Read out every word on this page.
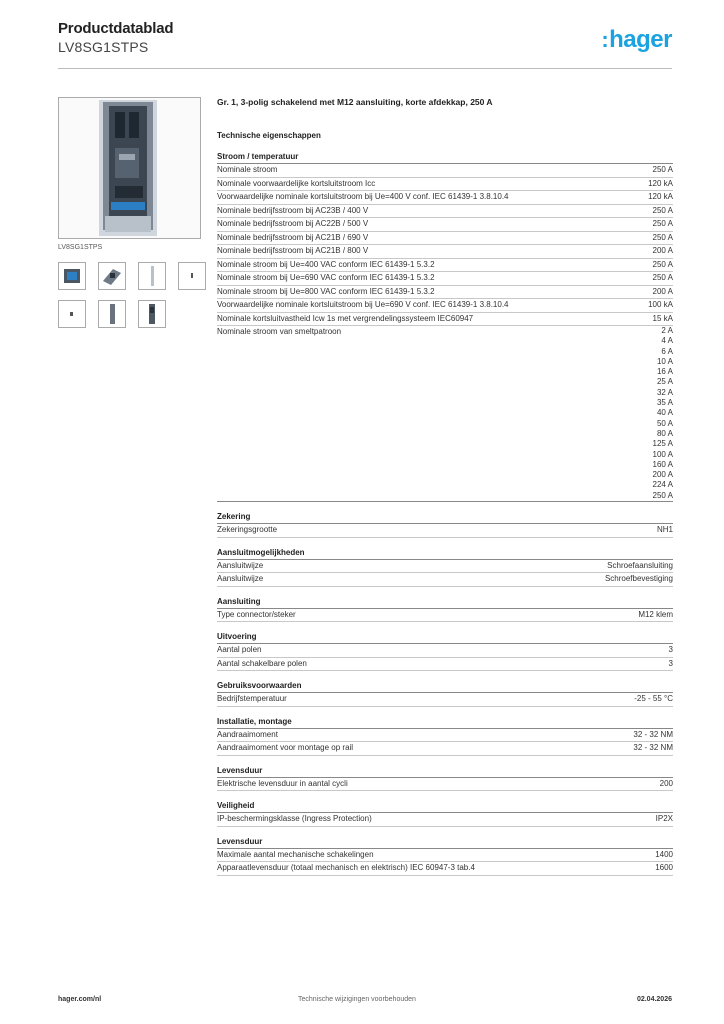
Productdatablad
LV8SG1STPS	:hager
LV8SG1STPS
Gr. 1, 3-polig schakelend met M12 aansluiting, korte afdekkap, 250 A
Technische eigenschappen
Stroom / temperatuur
Nominale stroom	250 A
Nominale voorwaardelijke kortsluitstroom Icc	120 kA
Voorwaardelijke nominale kortsluitstroom bij Ue=400 V conf. IEC 61439-1 3.8.10.4	120 kA
Nominale bedrijfsstroom bij AC23B / 400 V	250 A
Nominale bedrijfsstroom bij AC22B / 500 V	250 A
Nominale bedrijfsstroom bij AC21B / 690 V	250 A
Nominale bedrijfsstroom bij AC21B / 800 V	200 A
Nominale stroom bij Ue=400 VAC conform IEC 61439-1 5.3.2	250 A
Nominale stroom bij Ue=690 VAC conform IEC 61439-1 5.3.2	250 A
Nominale stroom bij Ue=800 VAC conform IEC 61439-1 5.3.2	200 A
Voorwaardelijke nominale kortsluitstroom bij Ue=690 V conf. IEC 61439-1 3.8.10.4	100 kA
Nominale kortsluitvastheid Icw 1s met vergrendelingssysteem IEC60947	15 kA
Nominale stroom van smeltpatroon	2 A
4 A
6 A
10 A
16 A
25 A
32 A
35 A
40 A
50 A
80 A
125 A
100 A
160 A
200 A
224 A
250 A
Zekering
Zekeringsgrootte	NH1
Aansluitmogelijkheden
Aansluitwijze	Schroefaansluiting
Aansluitwijze	Schroefbevestiging
Aansluiting
Type connector/steker	M12 klem
Uitvoering
Aantal polen	3
Aantal schakelbare polen	3
Gebruiksvoorwaarden
Bedrijfstemperatuur	-25 - 55 °C
Installatie, montage
Aandraaimoment	32 - 32 NM
Aandraaimoment voor montage op rail	32 - 32 NM
Levensduur
Elektrische levensduur in aantal cycli	200
Veiligheid
IP-beschermingsklasse (Ingress Protection)	IP2X
Levensduur
Maximale aantal mechanische schakelingen	1400
Apparaatlevensduur (totaal mechanisch en elektrisch) IEC 60947-3 tab.4	1600
hager.com/nl	Technische wijzigingen voorbehouden	02.04.2026
